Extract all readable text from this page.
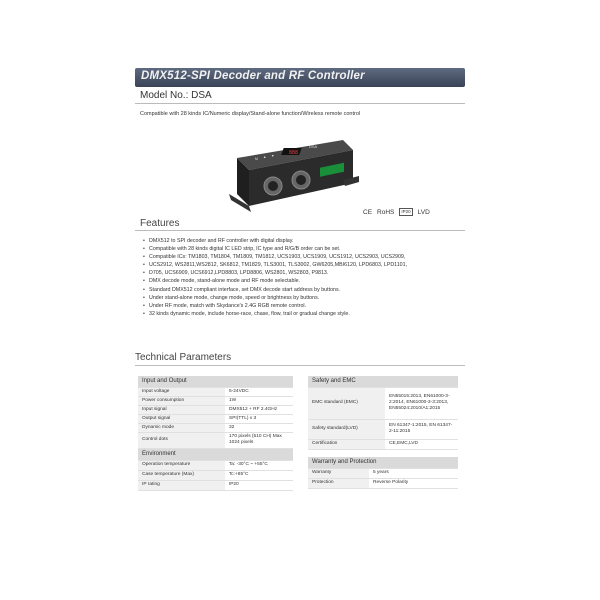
DMX512-SPI Decoder and RF Controller
Model No.: DSA
Compatible with 28 kinds IC/Numeric display/Stand-alone function/Wireless remote control
888
DSA
M ▲ ▼
CE RoHS	IP20	LVD
Features
• DMX512 to SPI decoder and RF controller with digital display.
• Compatible with 28 kinds digital IC LED strip, IC type and R/G/B order can be set.
• Compatible ICs: TM1803, TM1804, TM1809, TM1812, UCS1903, UCS1909, UCS1912, UCS2903, UCS2909,
• UCS2912, WS2811,WS2812, SK6812, TM1829, TLS3001, TLS3002, GW6205,MBI6120, LPD6803, LPD1101,
• D705, UCS6909, UCS6912,LPD8803, LPD8806, WS2801, WS2803, P9813.
• DMX decode mode, stand-alone mode and RF mode selectable.
• Standard DMX512 compliant interface, set DMX decode start address by buttons.
• Under stand-alone mode, change mode, speed or brightness by buttons.
• Under RF mode, match with Skydance's 2.4G RGB remote control.
• 32 kinds dynamic mode, include horse-race, chase, flow, trail or gradual change style.
Technical Parameters
Input and Output	
Input voltage	5-24VDC
Power consumption	1W
Input signal	DMX512 + RF 2.4GHz
Output signal	SPI(TTL) x 3
Dynamic mode	32
Control dots	170 pixels (510 CH) Max 1024 pixels
Safety and EMC	
EMC standard (EMC)	EN55015:2013, EN61000-3-2:2014, EN61000-3-3:2013, EN55024:2010/A1:2015
Safety standard(LVD)	EN 61347-1:2015, EN 61347-2-11:2015
Certification	CE,EMC,LVD
Environment	
Operation temperature	Ta: -30°C ~ +55°C
Case temperature (Max)	Tc:+85°C
IP rating	IP20
Warranty and Protection	
Warranty	5 years
Protection	Reverse Polarity
